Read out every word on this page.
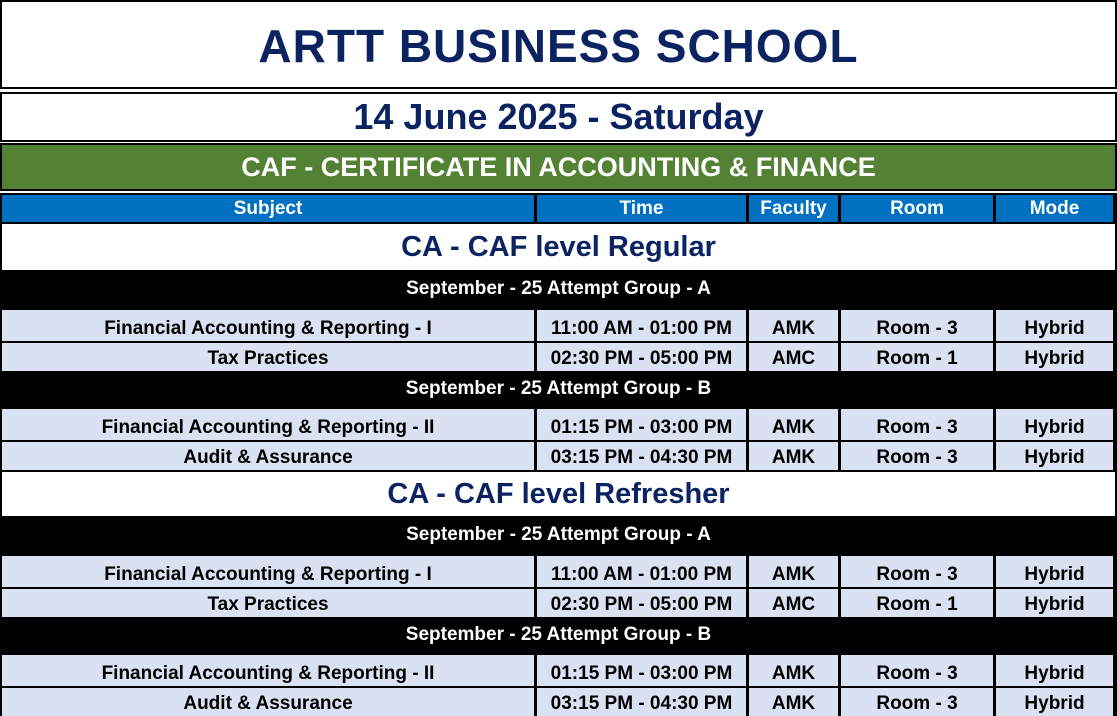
ARTT BUSINESS SCHOOL
14 June 2025 - Saturday
CAF - CERTIFICATE IN ACCOUNTING & FINANCE
Subject	Time	Faculty	Room	Mode
CA - CAF level Regular
September - 25 Attempt Group - A
Financial Accounting & Reporting - I	11:00 AM - 01:00 PM	AMK	Room - 3	Hybrid
Tax Practices	02:30 PM - 05:00 PM	AMC	Room - 1	Hybrid
September - 25 Attempt Group - B
Financial Accounting & Reporting - II	01:15 PM - 03:00 PM	AMK	Room - 3	Hybrid
Audit & Assurance	03:15 PM - 04:30 PM	AMK	Room - 3	Hybrid
CA - CAF level Refresher
September - 25 Attempt Group - A
Financial Accounting & Reporting - I	11:00 AM - 01:00 PM	AMK	Room - 3	Hybrid
Tax Practices	02:30 PM - 05:00 PM	AMC	Room - 1	Hybrid
September - 25 Attempt Group - B
Financial Accounting & Reporting - II	01:15 PM - 03:00 PM	AMK	Room - 3	Hybrid
Audit & Assurance	03:15 PM - 04:30 PM	AMK	Room - 3	Hybrid
